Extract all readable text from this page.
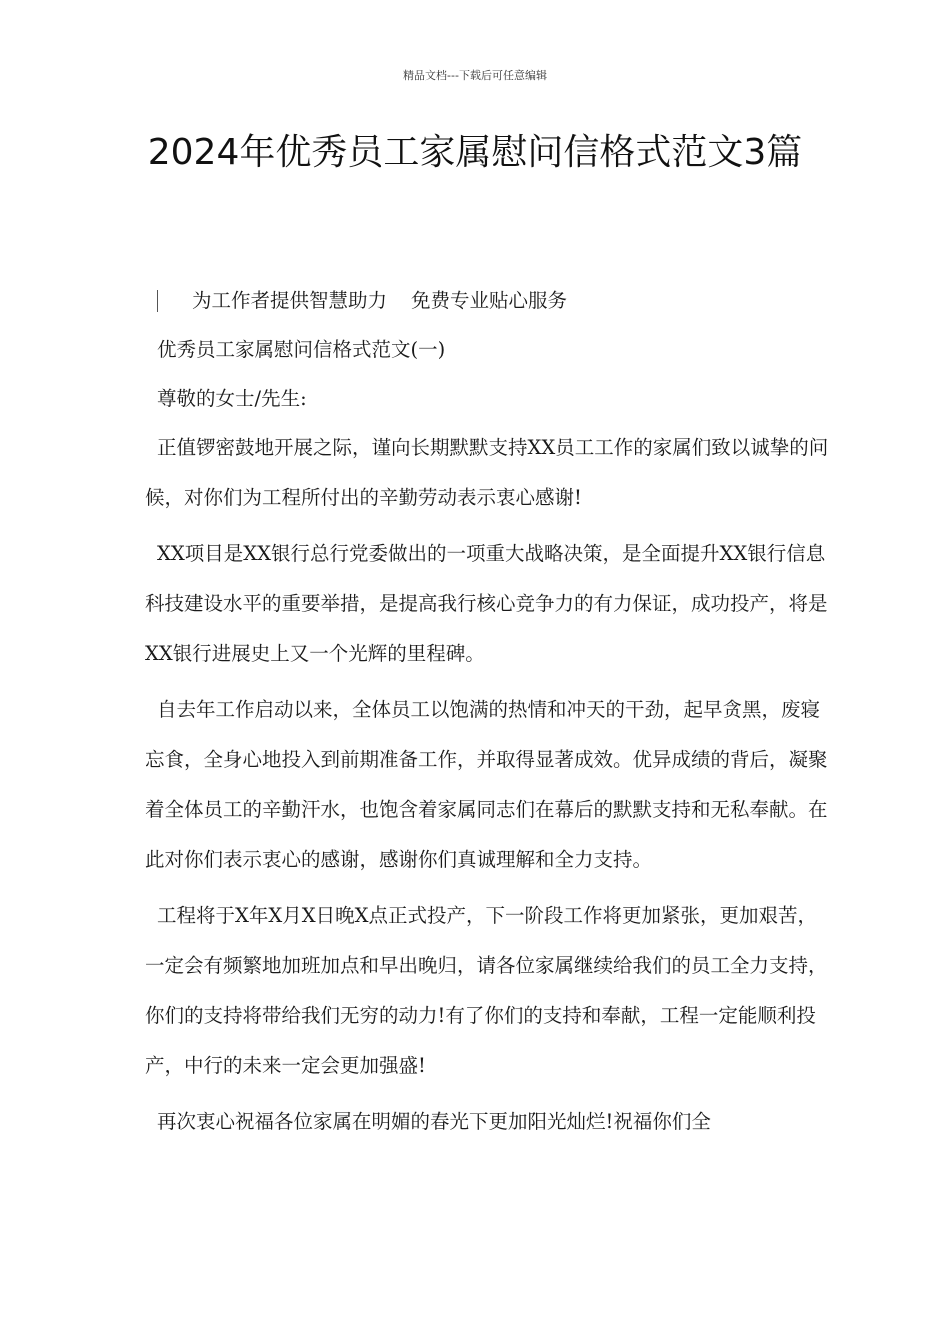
精品文档---下载后可任意编辑
2024年优秀员工家属慰问信格式范文3篇
为工作者提供智慧助力 免费专业贴心服务
优秀员工家属慰问信格式范文(一)
尊敬的女士/先生:
正值锣密鼓地开展之际，谨向长期默默支持XX员工工作的家属们致以诚挚的问候，对你们为工程所付出的辛勤劳动表示衷心感谢!
XX项目是XX银行总行党委做出的一项重大战略决策，是全面提升XX银行信息科技建设水平的重要举措，是提高我行核心竞争力的有力保证，成功投产，将是XX银行进展史上又一个光辉的里程碑。
自去年工作启动以来，全体员工以饱满的热情和冲天的干劲，起早贪黑，废寝忘食，全身心地投入到前期准备工作，并取得显著成效。优异成绩的背后，凝聚着全体员工的辛勤汗水，也饱含着家属同志们在幕后的默默支持和无私奉献。在此对你们表示衷心的感谢，感谢你们真诚理解和全力支持。
工程将于X年X月X日晚X点正式投产，下一阶段工作将更加紧张，更加艰苦，一定会有频繁地加班加点和早出晚归，请各位家属继续给我们的员工全力支持，你们的支持将带给我们无穷的动力!有了你们的支持和奉献，工程一定能顺利投产，中行的未来一定会更加强盛!
再次衷心祝福各位家属在明媚的春光下更加阳光灿烂!祝福你们全
